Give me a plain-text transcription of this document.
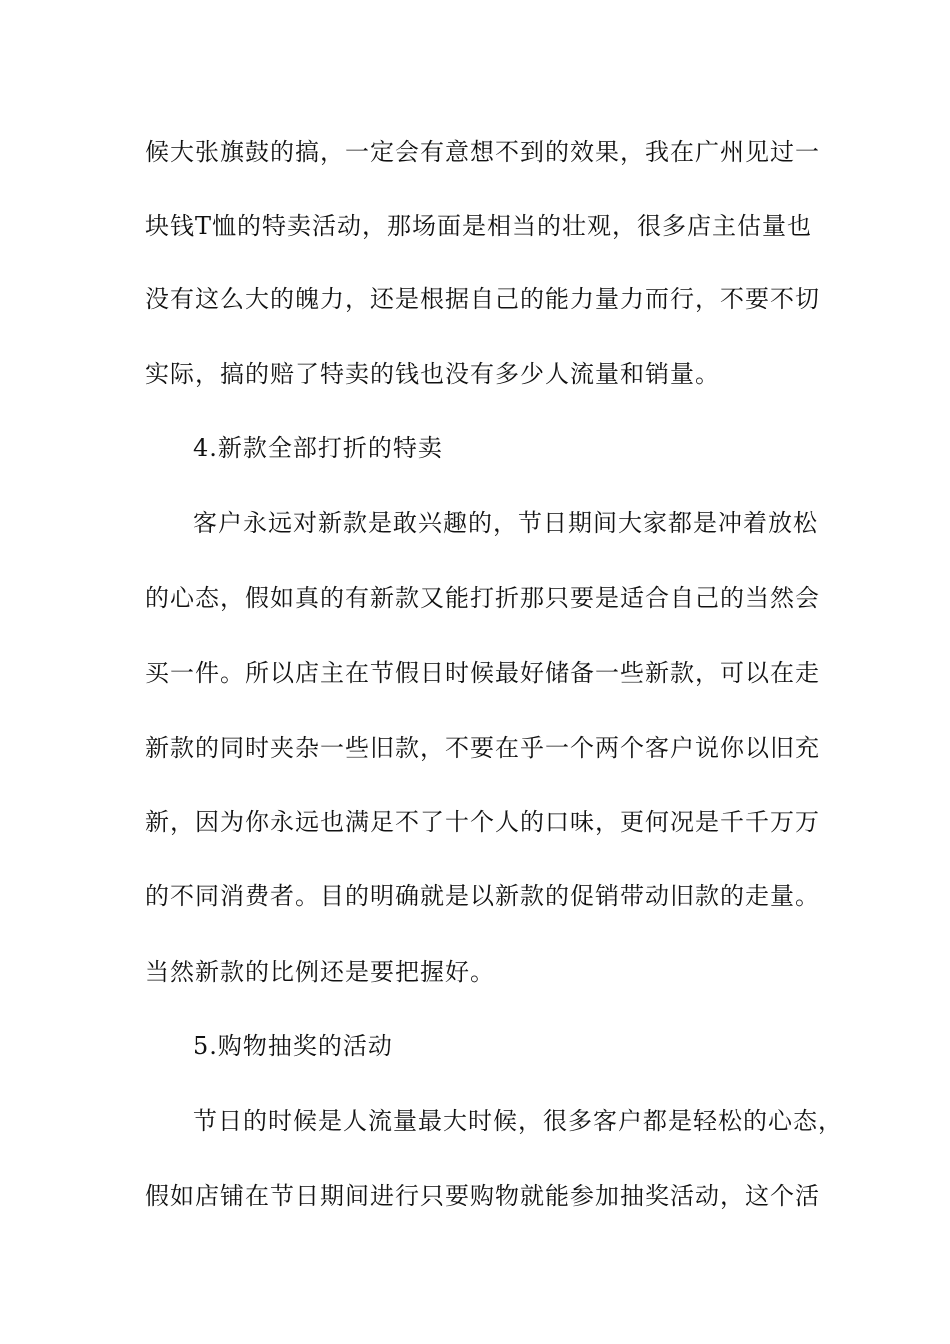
候大张旗鼓的搞，一定会有意想不到的效果，我在广州见过一
块钱T恤的特卖活动，那场面是相当的壮观，很多店主估量也
没有这么大的魄力，还是根据自己的能力量力而行，不要不切
实际，搞的赔了特卖的钱也没有多少人流量和销量。
4.新款全部打折的特卖
客户永远对新款是敢兴趣的，节日期间大家都是冲着放松
的心态，假如真的有新款又能打折那只要是适合自己的当然会
买一件。所以店主在节假日时候最好储备一些新款，可以在走
新款的同时夹杂一些旧款，不要在乎一个两个客户说你以旧充
新，因为你永远也满足不了十个人的口味，更何况是千千万万
的不同消费者。目的明确就是以新款的促销带动旧款的走量。
当然新款的比例还是要把握好。
5.购物抽奖的活动
节日的时候是人流量最大时候，很多客户都是轻松的心态，
假如店铺在节日期间进行只要购物就能参加抽奖活动，这个活
